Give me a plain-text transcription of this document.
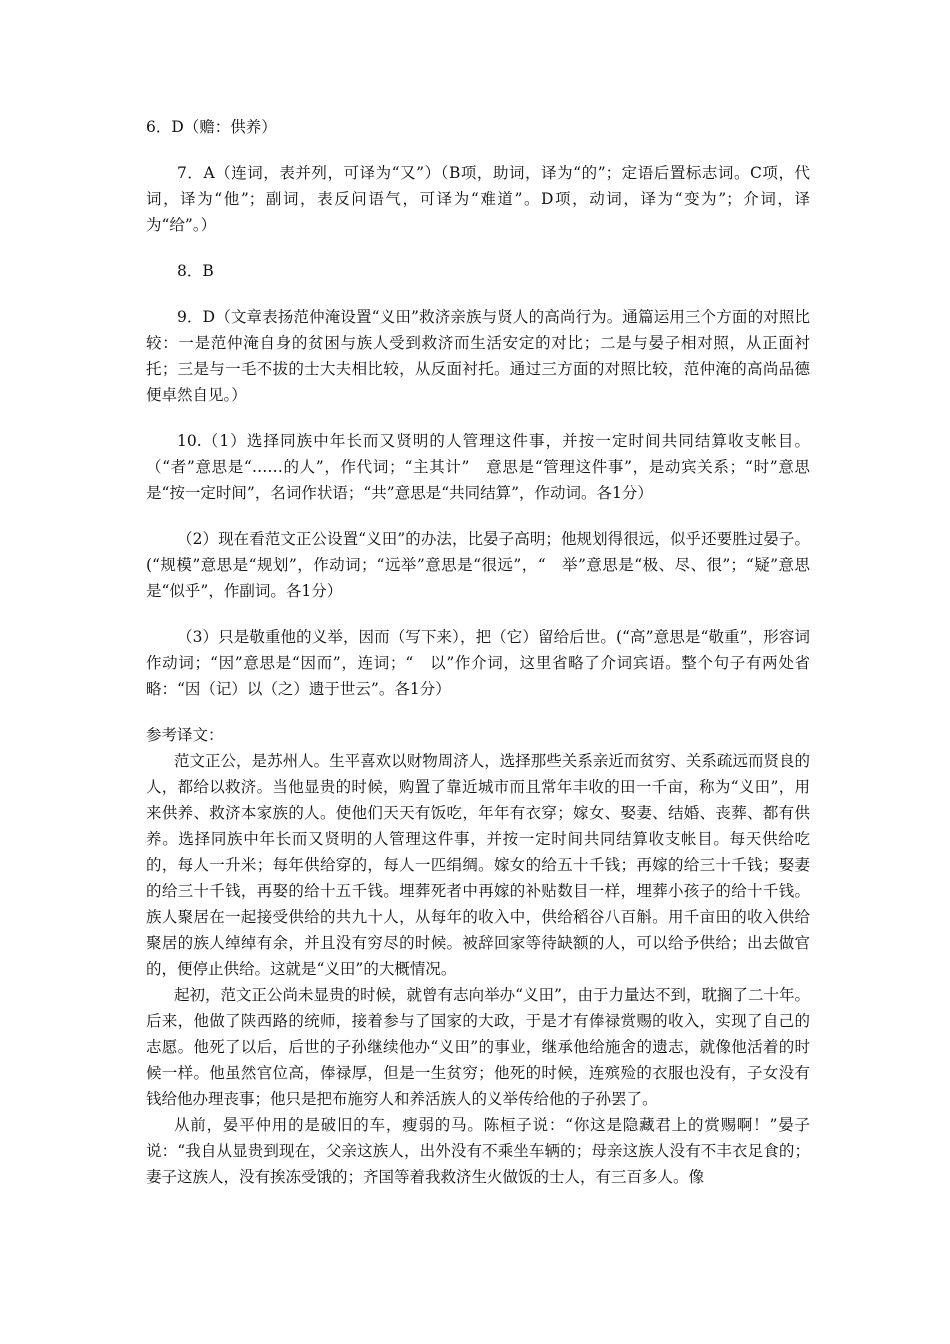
6．D（赡：供养）

7．A（连词，表并列，可译为“又”）（B项，助词，译为“的”；定语后置标志词。C项，代词，译为“他”；副词，表反问语气，可译为“难道”。D项，动词，译为“变为”；介词，译为“给”。）

8．B

9．D（文章表扬范仲淹设置“义田”救济亲族与贤人的高尚行为。通篇运用三个方面的对照比较：一是范仲淹自身的贫困与族人受到救济而生活安定的对比；二是与晏子相对照，从正面衬托；三是与一毛不拔的士大夫相比较，从反面衬托。通过三方面的对照比较，范仲淹的高尚品德便卓然自见。）

10.（1）选择同族中年长而又贤明的人管理这件事，并按一定时间共同结算收支帐目。（“者”意思是“……的人”，作代词；“主其计”　意思是“管理这件事”，是动宾关系；“时”意思是“按一定时间”，名词作状语；“共”意思是“共同结算”，作动词。各1分）

（2）现在看范文正公设置“义田”的办法，比晏子高明；他规划得很远，似乎还要胜过晏子。(“规模”意思是“规划”，作动词；“远举”意思是“很远”，“　举”意思是“极、尽、很”；“疑”意思是“似乎”，作副词。各1分）

（3）只是敬重他的义举，因而（写下来），把（它）留给后世。(“高”意思是“敬重”，形容词作动词；“因”意思是“因而”，连词；“　以”作介词，这里省略了介词宾语。整个句子有两处省略：“因（记）以（之）遗于世云”。各1分）

参考译文：

范文正公，是苏州人。生平喜欢以财物周济人，选择那些关系亲近而贫穷、关系疏远而贤良的人，都给以救济。当他显贵的时候，购置了靠近城市而且常年丰收的田一千亩，称为“义田”，用来供养、救济本家族的人。使他们天天有饭吃，年年有衣穿；嫁女、娶妻、结婚、丧葬、都有供养。选择同族中年长而又贤明的人管理这件事，并按一定时间共同结算收支帐目。每天供给吃的，每人一升米；每年供给穿的，每人一匹绢绸。嫁女的给五十千钱；再嫁的给三十千钱；娶妻的给三十千钱，再娶的给十五千钱。埋葬死者中再嫁的补贴数目一样，埋葬小孩子的给十千钱。族人聚居在一起接受供给的共九十人，从每年的收入中，供给稻谷八百斛。用千亩田的收入供给聚居的族人绰绰有余，并且没有穷尽的时候。被辞回家等待缺额的人，可以给予供给；出去做官的，便停止供给。这就是“义田”的大概情况。

起初，范文正公尚未显贵的时候，就曾有志向举办“义田”，由于力量达不到，耽搁了二十年。后来，他做了陕西路的统师，接着参与了国家的大政，于是才有俸禄赏赐的收入，实现了自己的志愿。他死了以后，后世的子孙继续他办“义田”的事业，继承他给施舍的遗志，就像他活着的时候一样。他虽然官位高，俸禄厚，但是一生贫穷；他死的时候，连殡殓的衣服也没有，子女没有钱给他办理丧事；他只是把布施穷人和养活族人的义举传给他的子孙罢了。

从前，晏平仲用的是破旧的车，瘦弱的马。陈桓子说：“你这是隐藏君上的赏赐啊！”晏子说：“我自从显贵到现在，父亲这族人，出外没有不乘坐车辆的；母亲这族人没有不丰衣足食的；妻子这族人，没有挨冻受饿的；齐国等着我救济生火做饭的士人，有三百多人。像
